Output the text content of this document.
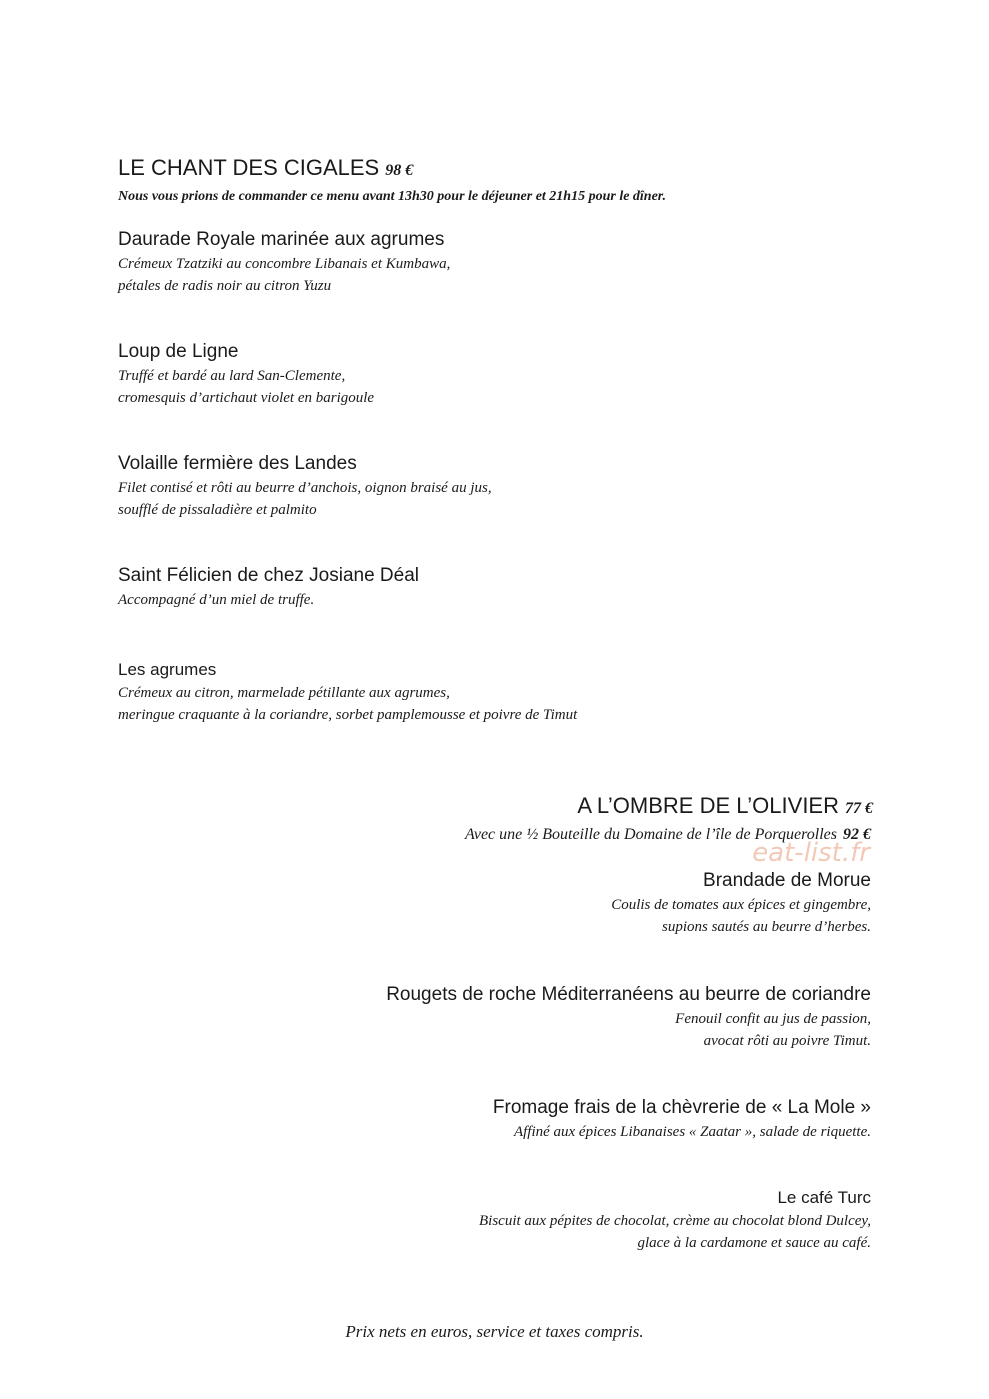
LE CHANT DES CIGALES 98 €
Nous vous prions de commander ce menu avant 13h30 pour le déjeuner et 21h15 pour le dîner.
Daurade Royale marinée aux agrumes
Crémeux Tzatziki au concombre Libanais et Kumbawa,
pétales de radis noir au citron Yuzu
Loup de Ligne
Truffé et bardé au lard San-Clemente,
cromesquis d’artichaut violet en barigoule
Volaille fermière des Landes
Filet contisé et rôti au beurre d’anchois, oignon braisé au jus,
soufflé de pissaladière et palmito
Saint Félicien de chez Josiane Déal
Accompagné d’un miel de truffe.
Les agrumes
Crémeux au citron, marmelade pétillante aux agrumes,
meringue craquante à la coriandre, sorbet pamplemousse et poivre de Timut
A L’OMBRE DE L’OLIVIER 77 €
Avec une ½ Bouteille du Domaine de l’île de Porquerolles 92 €
eat-list.fr
Brandade de Morue
Coulis de tomates aux épices et gingembre,
supions sautés au beurre d’herbes.
Rougets de roche Méditerranéens au beurre de coriandre
Fenouil confit au jus de passion,
avocat rôti au poivre Timut.
Fromage frais de la chèvrerie de « La Mole »
Affiné aux épices Libanaises « Zaatar », salade de riquette.
Le café Turc
Biscuit aux pépites de chocolat, crème au chocolat blond Dulcey,
glace à la cardamone et sauce au café.
Prix nets en euros, service et taxes compris.
